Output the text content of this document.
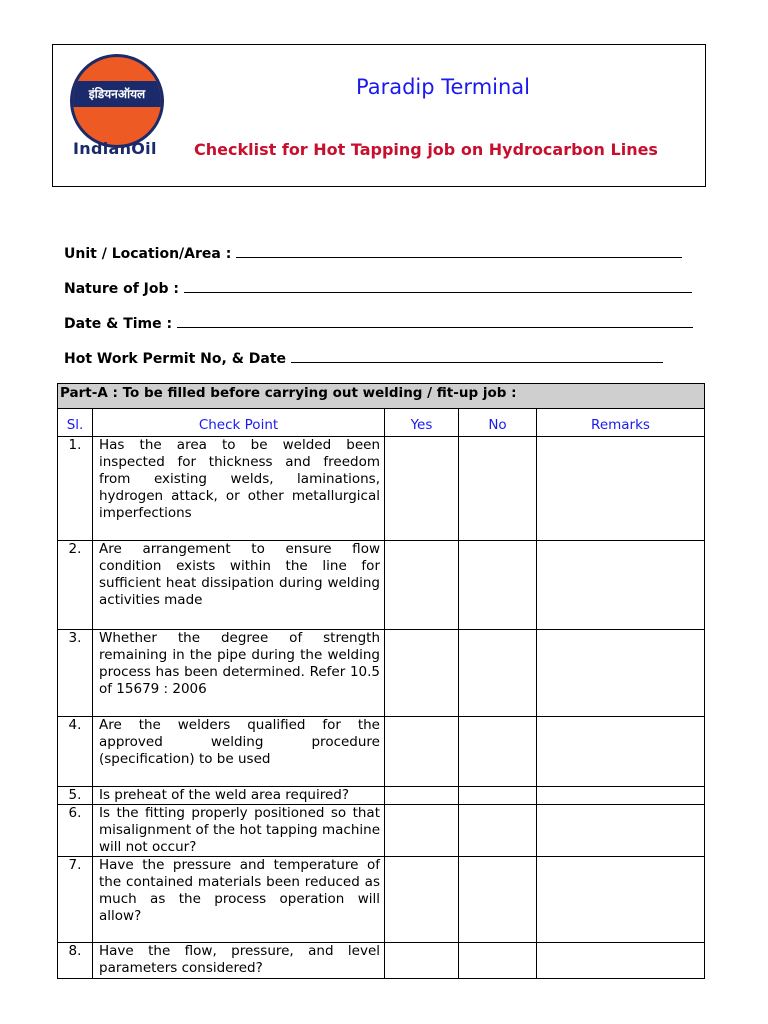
इंडियनऑयल
IndianOil
Paradip Terminal
Checklist for Hot Tapping job on Hydrocarbon Lines
Unit / Location/Area :
Nature of Job :
Date & Time :
Hot Work Permit No, & Date
Part-A : To be filled before carrying out welding / fit-up job :				
Sl.	Check Point	Yes	No	Remarks
1.	Has the area to be welded been inspected for thickness and freedom from existing welds, laminations, hydrogen attack, or other metallurgical imperfections			
2.	Are arrangement to ensure flow condition exists within the line for sufficient heat dissipation during welding activities made			
3.	Whether the degree of strength remaining in the pipe during the welding process has been determined. Refer 10.5 of 15679 : 2006			
4.	Are the welders qualified for the approved welding procedure (specification) to be used			
5.	Is preheat of the weld area required?			
6.	Is the fitting properly positioned so that misalignment of the hot tapping machine will not occur?			
7.	Have the pressure and temperature of the contained materials been reduced as much as the process operation will allow?			
8.	Have the flow, pressure, and level parameters considered?			
